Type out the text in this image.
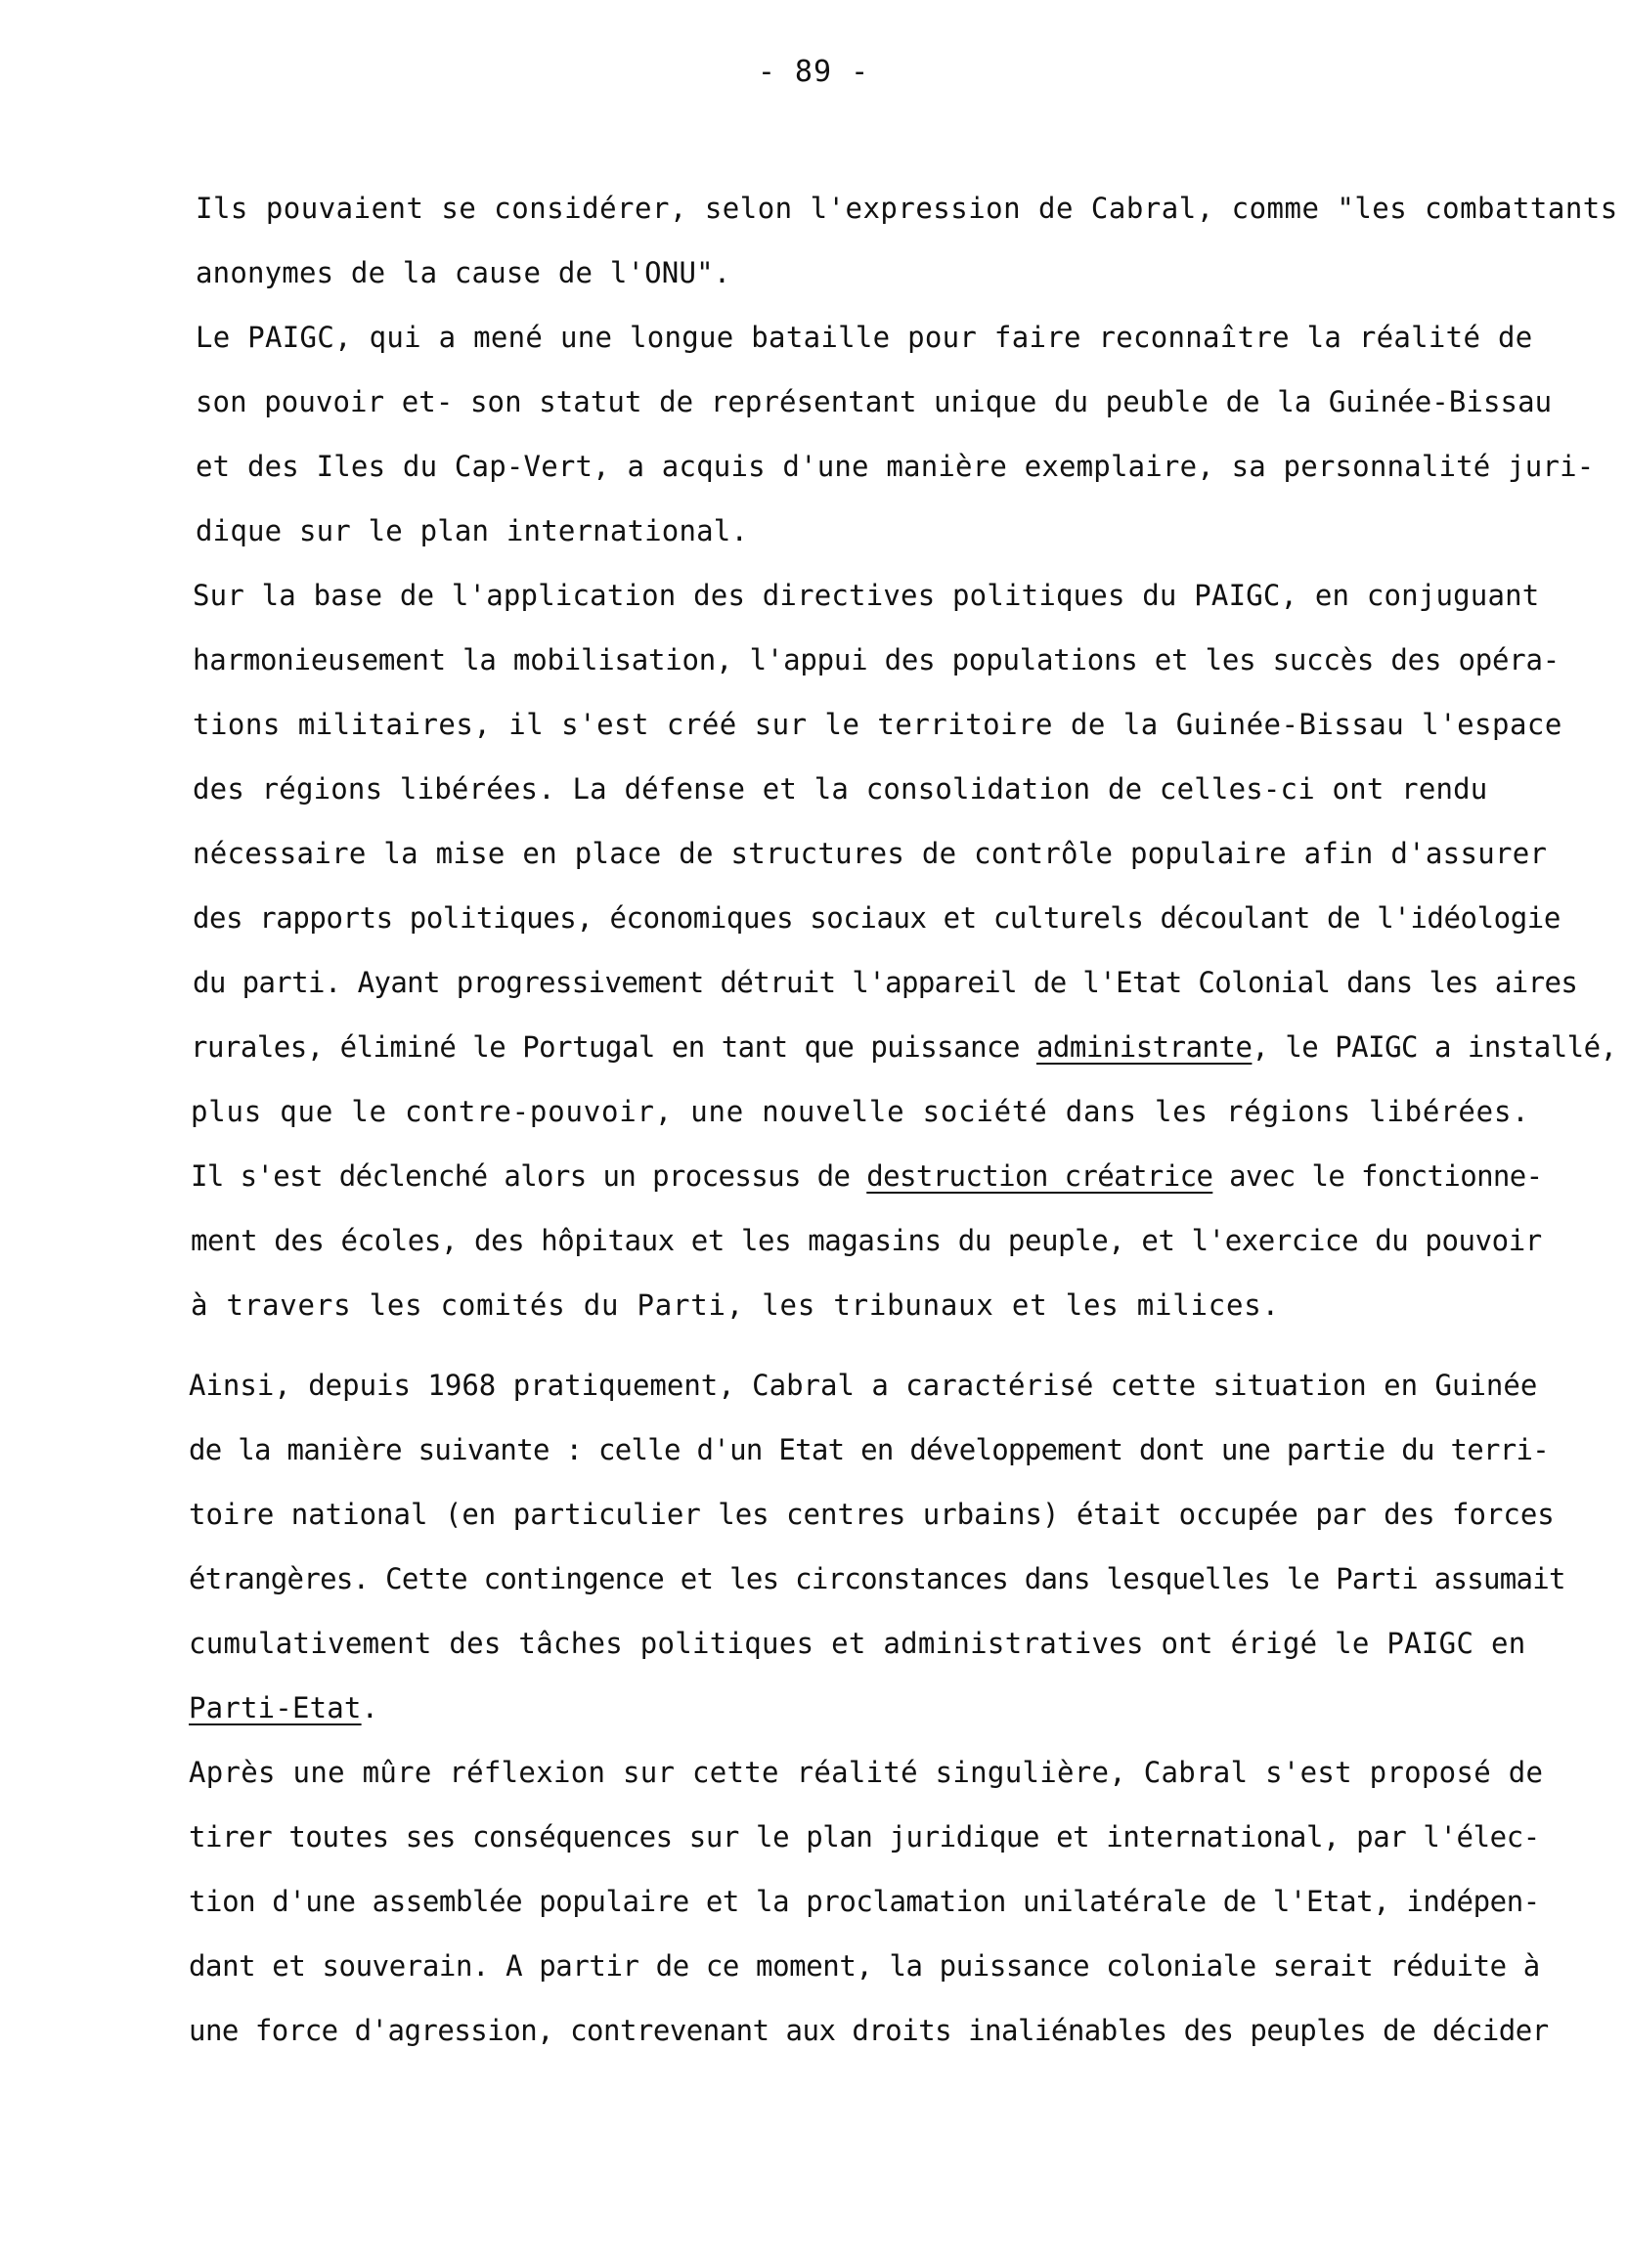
- 89 -
Ils pouvaient se considérer, selon l'expression de Cabral, comme "les combattants
anonymes de la cause de l'ONU".
Le PAIGC, qui a mené une longue bataille pour faire reconnaître la réalité de
son pouvoir et- son statut de représentant unique du peuble de la Guinée-Bissau
et des Iles du Cap-Vert, a acquis d'une manière exemplaire, sa personnalité juri-
dique sur le plan international.
Sur la base de l'application des directives politiques du PAIGC, en conjuguant
harmonieusement la mobilisation, l'appui des populations et les succès des opéra-
tions militaires, il s'est créé sur le territoire de la Guinée-Bissau l'espace
des régions libérées. La défense et la consolidation de celles-ci ont rendu
nécessaire la mise en place de structures de contrôle populaire afin d'assurer
des rapports politiques, économiques sociaux et culturels découlant de l'idéologie
du parti. Ayant progressivement détruit l'appareil de l'Etat Colonial dans les aires
rurales, éliminé le Portugal en tant que puissance administrante, le PAIGC a installé,
plus que le contre-pouvoir, une nouvelle société dans les régions libérées.
Il s'est déclenché alors un processus de destruction créatrice avec le fonctionne-
ment des écoles, des hôpitaux et les magasins du peuple, et l'exercice du pouvoir
à travers les comités du Parti, les tribunaux et les milices.
Ainsi, depuis 1968 pratiquement, Cabral a caractérisé cette situation en Guinée
de la manière suivante : celle d'un Etat en développement dont une partie du terri-
toire national (en particulier les centres urbains) était occupée par des forces
étrangères. Cette contingence et les circonstances dans lesquelles le Parti assumait
cumulativement des tâches politiques et administratives ont érigé le PAIGC en
Parti-Etat.
Après une mûre réflexion sur cette réalité singulière, Cabral s'est proposé de
tirer toutes ses conséquences sur le plan juridique et international, par l'élec-
tion d'une assemblée populaire et la proclamation unilatérale de l'Etat, indépen-
dant et souverain. A partir de ce moment, la puissance coloniale serait réduite à
une force d'agression, contrevenant aux droits inaliénables des peuples de décider
